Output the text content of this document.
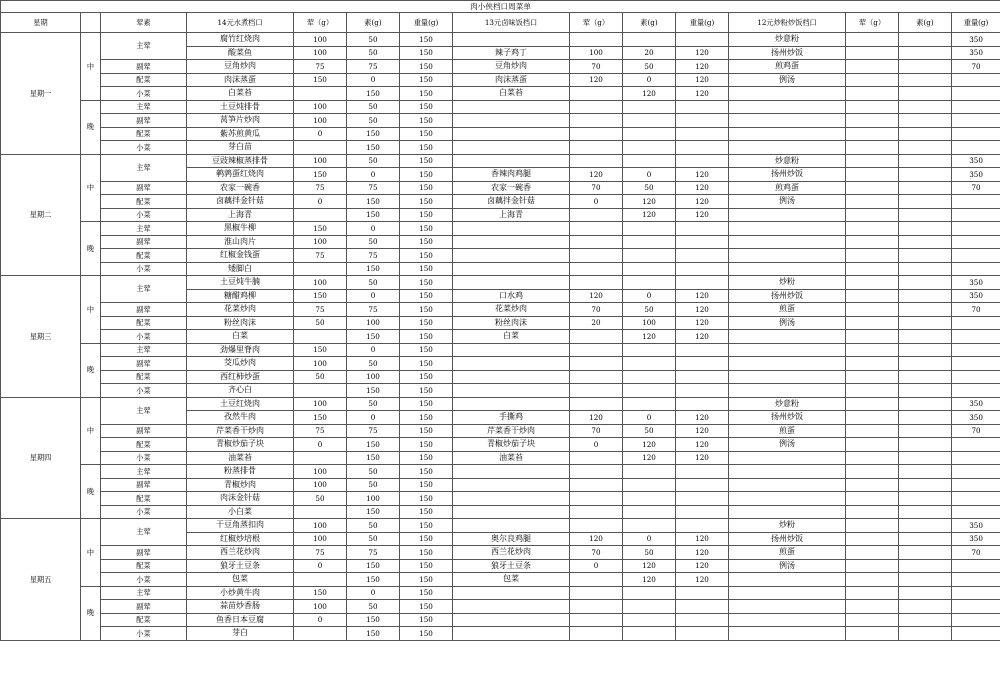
肉小侠档口周菜单														
星期		荤素	14元水煮档口	荤（g）	素(g)	重量(g)	13元卤味饭档口	荤（g）	素(g)	重量(g)	12元炒粉炒饭档口	荤（g）	素(g)	重量(g)
星期一	中	主荤	腐竹红烧肉	100	50	150					炒意粉			350
			酸菜鱼	100	50	150	辣子鸡丁	100	20	120	扬州炒饭			350
		副荤	豆角炒肉	75	75	150	豆角炒肉	70	50	120	煎鸡蛋			70
		配菜	肉沫蒸蛋	150	0	150	肉沫蒸蛋	120	0	120	例汤			
		小菜	白菜苔		150	150	白菜苔		120	120				
	晚	主荤	土豆炖排骨	100	50	150								
		副荤	莴笋片炒肉	100	50	150								
		配菜	紫苏煎黄瓜	0	150	150								
		小菜	芽白苗		150	150								
星期二	中	主荤	豆豉辣椒蒸排骨	100	50	150					炒意粉			350
			鹌鹑蛋红烧肉	150	0	150	香辣肉鸡腿	120	0	120	扬州炒饭			350
		副荤	农家一碗香	75	75	150	农家一碗香	70	50	120	煎鸡蛋			70
		配菜	卤藕拌金针菇	0	150	150	卤藕拌金针菇	0	120	120	例汤			
		小菜	上海青		150	150	上海青		120	120				
	晚	主荤	黑椒牛柳	150	0	150								
		副荤	淮山肉片	100	50	150								
		配菜	红椒金钱蛋	75	75	150								
		小菜	矮脚白		150	150								
星期三	中	主荤	土豆炖牛腩	100	50	150					炒粉			350
			糖醋鸡柳	150	0	150	口水鸡	120	0	120	扬州炒饭			350
		副荤	花菜炒肉	75	75	150	花菜炒肉	70	50	120	煎蛋			70
		配菜	粉丝肉沫	50	100	150	粉丝肉沫	20	100	120	例汤			
		小菜	白菜		150	150	白菜		120	120				
	晚	主荤	劲爆里脊肉	150	0	150								
		副荤	茭瓜炒肉	100	50	150								
		配菜	西红柿炒蛋	50	100	150								
		小菜	齐心白		150	150								
星期四	中	主荤	土豆红烧肉	100	50	150					炒意粉			350
			孜然牛肉	150	0	150	手撕鸡	120	0	120	扬州炒饭			350
		副荤	芹菜香干炒肉	75	75	150	芹菜香干炒肉	70	50	120	煎蛋			70
		配菜	青椒炒茄子块	0	150	150	青椒炒茄子块	0	120	120	例汤			
		小菜	油菜苔		150	150	油菜苔		120	120				
	晚	主荤	粉蒸排骨	100	50	150								
		副荤	青椒炒肉	100	50	150								
		配菜	肉沫金针菇	50	100	150								
		小菜	小白菜		150	150								
星期五	中	主荤	干豆角蒸扣肉	100	50	150					炒粉			350
			红椒炒培根	100	50	150	奥尔良鸡腿	120	0	120	扬州炒饭			350
		副荤	西兰花炒肉	75	75	150	西兰花炒肉	70	50	120	煎蛋			70
		配菜	狼牙土豆条	0	150	150	狼牙土豆条	0	120	120	例汤			
		小菜	包菜		150	150	包菜		120	120				
	晚	主荤	小炒黄牛肉	150	0	150								
		副荤	蒜苗炒香肠	100	50	150								
		配菜	鱼香日本豆腐	0	150	150								
		小菜	芽白		150	150								
